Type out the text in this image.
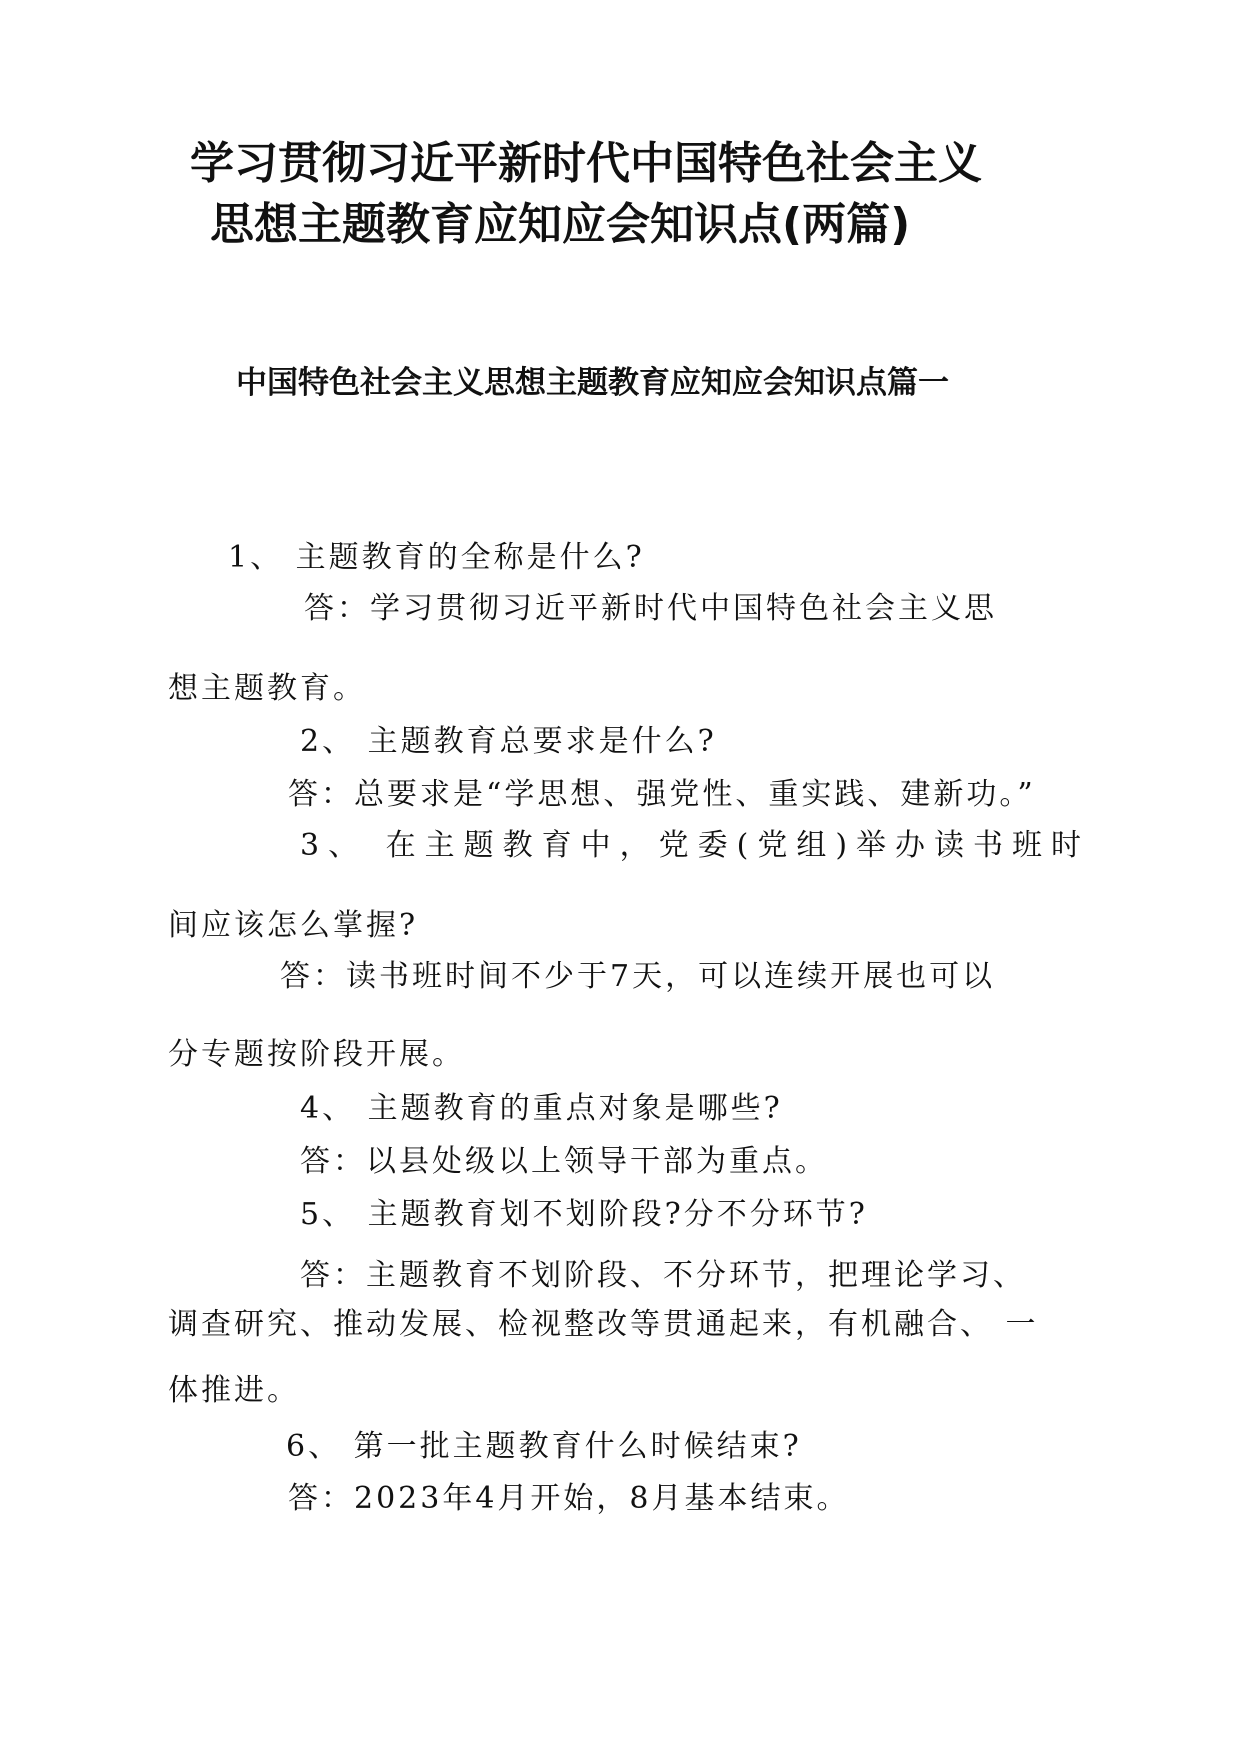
学习贯彻习近平新时代中国特色社会主义
思想主题教育应知应会知识点(两篇)
中国特色社会主义思想主题教育应知应会知识点篇一
1、 主题教育的全称是什么?
答：学习贯彻习近平新时代中国特色社会主义思
想主题教育。
2、 主题教育总要求是什么?
答：总要求是“学思想、强党性、重实践、建新功。”
3、 在主题教育中，党委(党组)举办读书班时
间应该怎么掌握?
答：读书班时间不少于7天，可以连续开展也可以
分专题按阶段开展。
4、 主题教育的重点对象是哪些?
答：以县处级以上领导干部为重点。
5、 主题教育划不划阶段?分不分环节?
答：主题教育不划阶段、不分环节，把理论学习、
调查研究、推动发展、检视整改等贯通起来，有机融合、 一
体推进。
6、 第一批主题教育什么时候结束?
答：2023年4月开始，8月基本结束。
